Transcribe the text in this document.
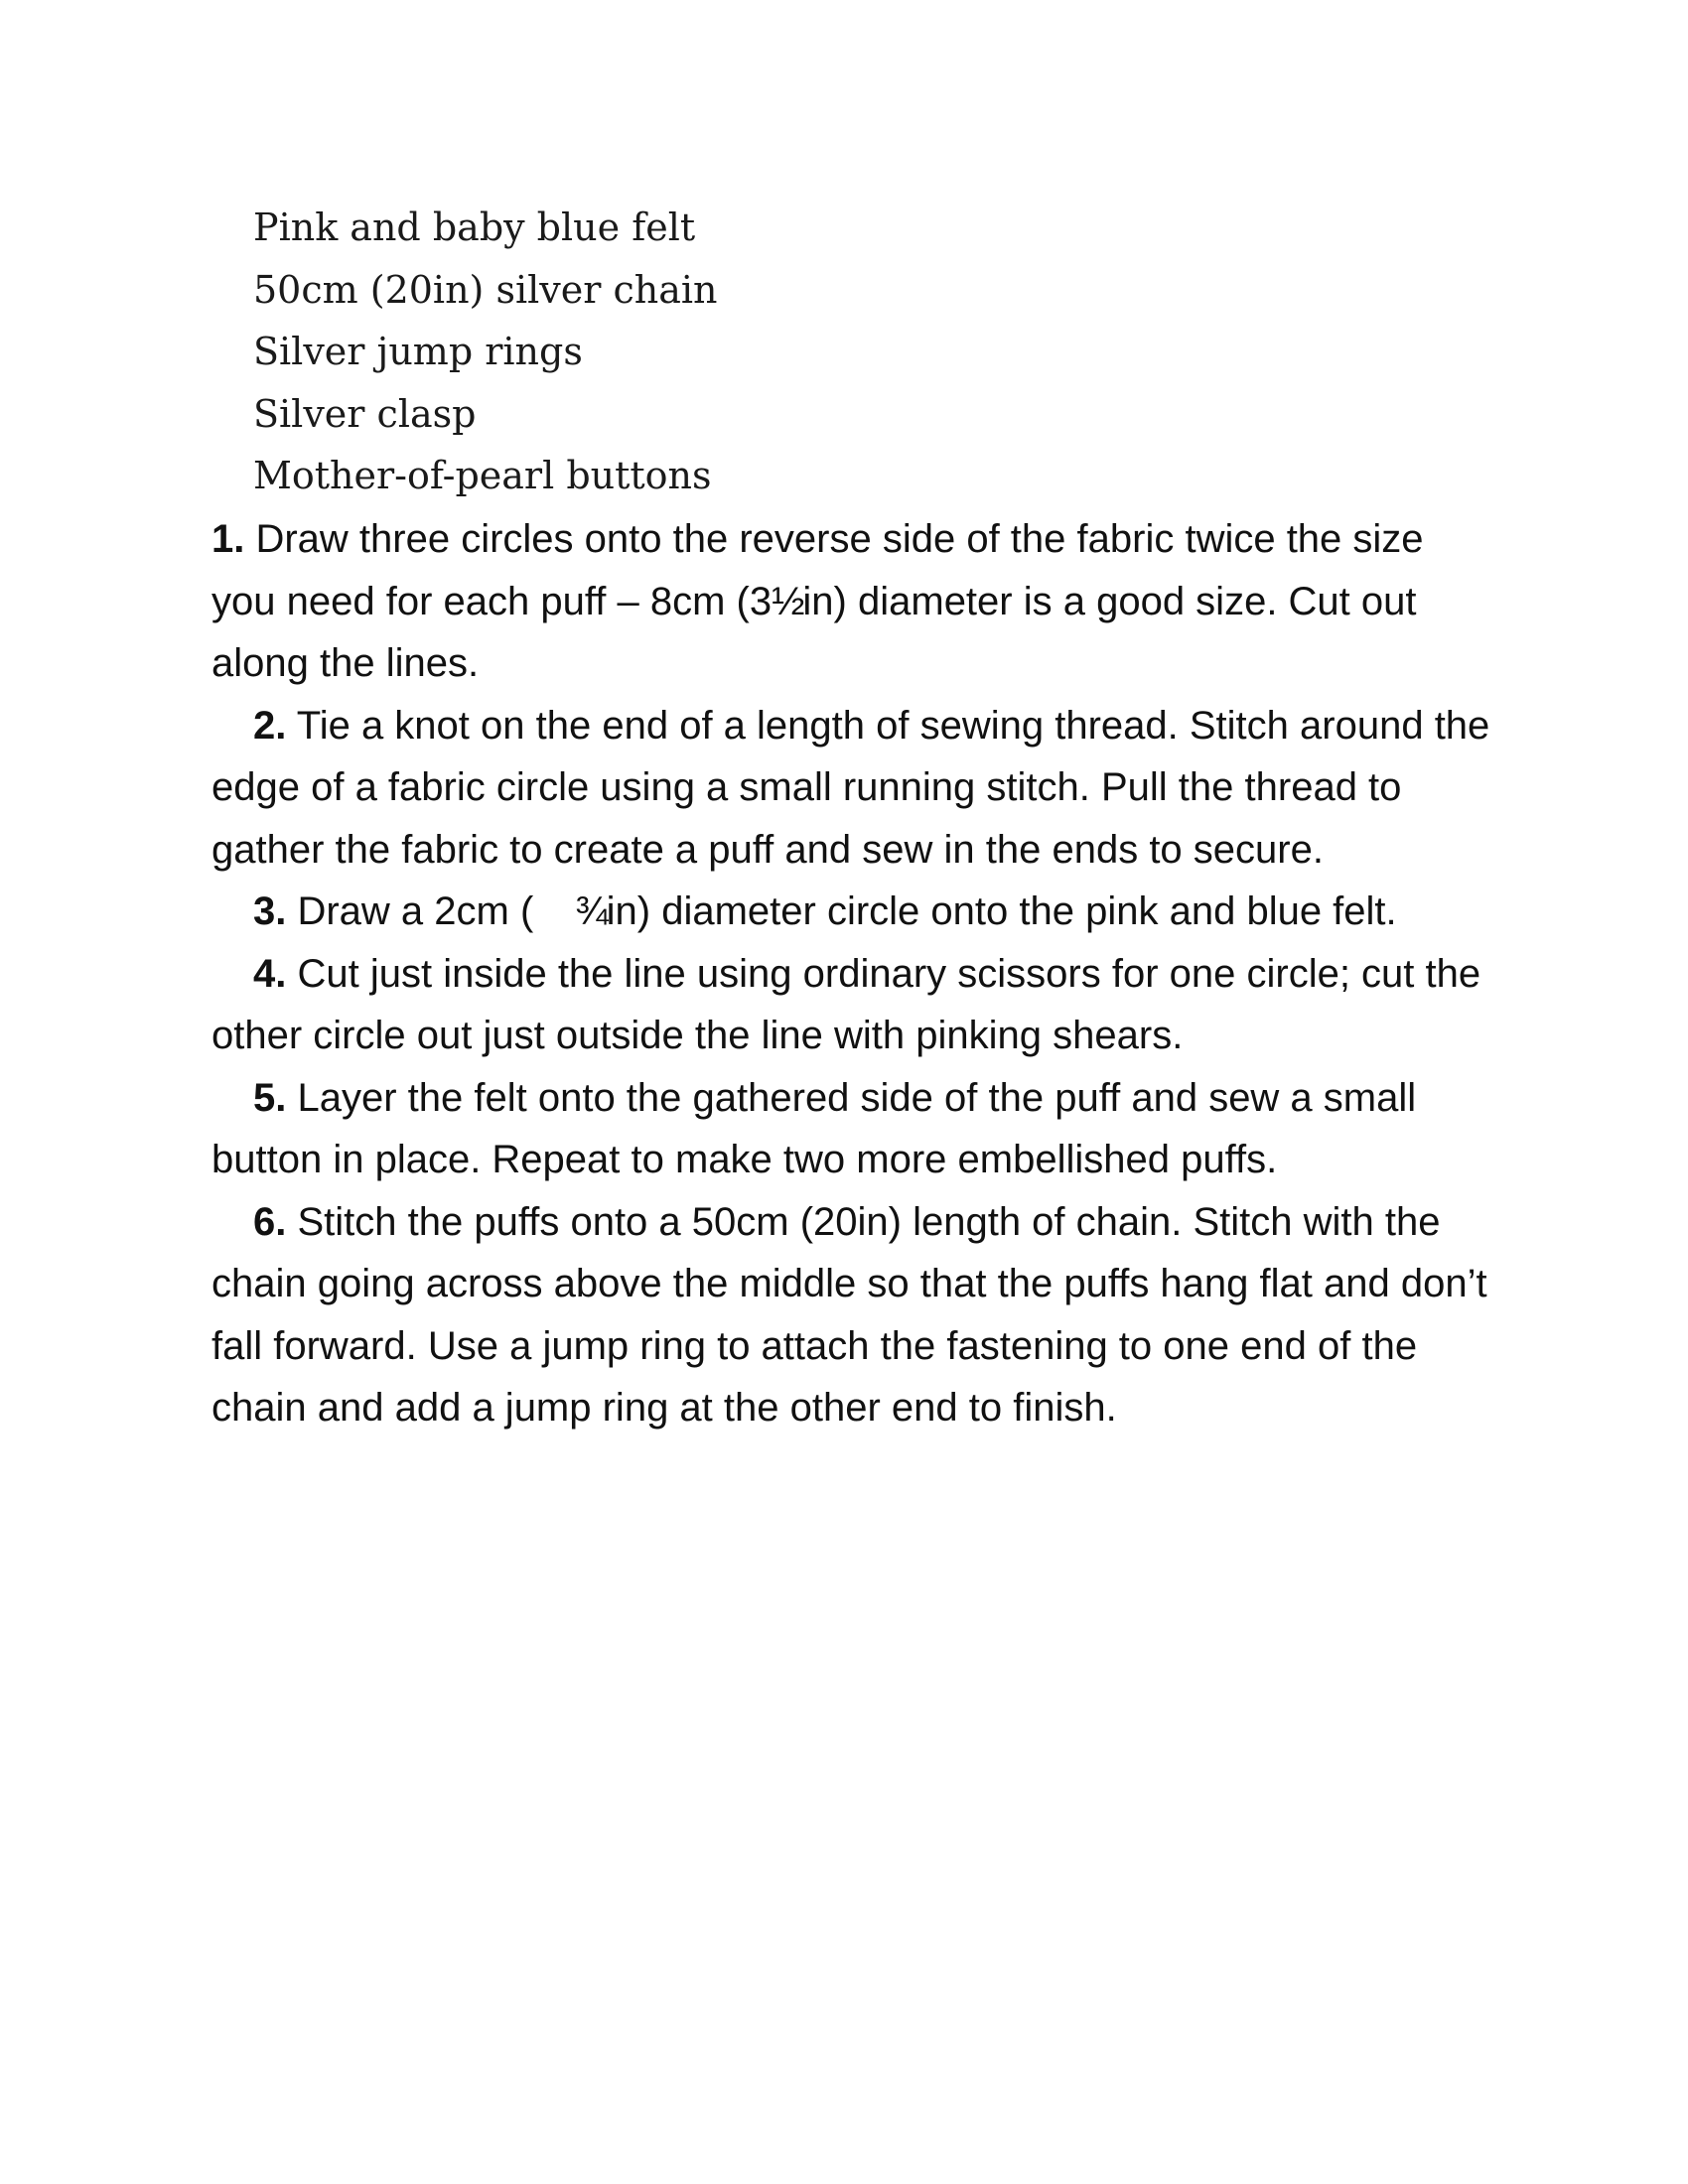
Pink and baby blue felt
50cm (20in) silver chain
Silver jump rings
Silver clasp
Mother-of-pearl buttons

1. Draw three circles onto the reverse side of the fabric twice the size you need for each puff – 8cm (3½in) diameter is a good size. Cut out along the lines.

2. Tie a knot on the end of a length of sewing thread. Stitch around the edge of a fabric circle using a small running stitch. Pull the thread to gather the fabric to create a puff and sew in the ends to secure.

3. Draw a 2cm ( ¾in) diameter circle onto the pink and blue felt.

4. Cut just inside the line using ordinary scissors for one circle; cut the other circle out just outside the line with pinking shears.

5. Layer the felt onto the gathered side of the puff and sew a small button in place. Repeat to make two more embellished puffs.

6. Stitch the puffs onto a 50cm (20in) length of chain. Stitch with the chain going across above the middle so that the puffs hang flat and don’t fall forward. Use a jump ring to attach the fastening to one end of the chain and add a jump ring at the other end to finish.
